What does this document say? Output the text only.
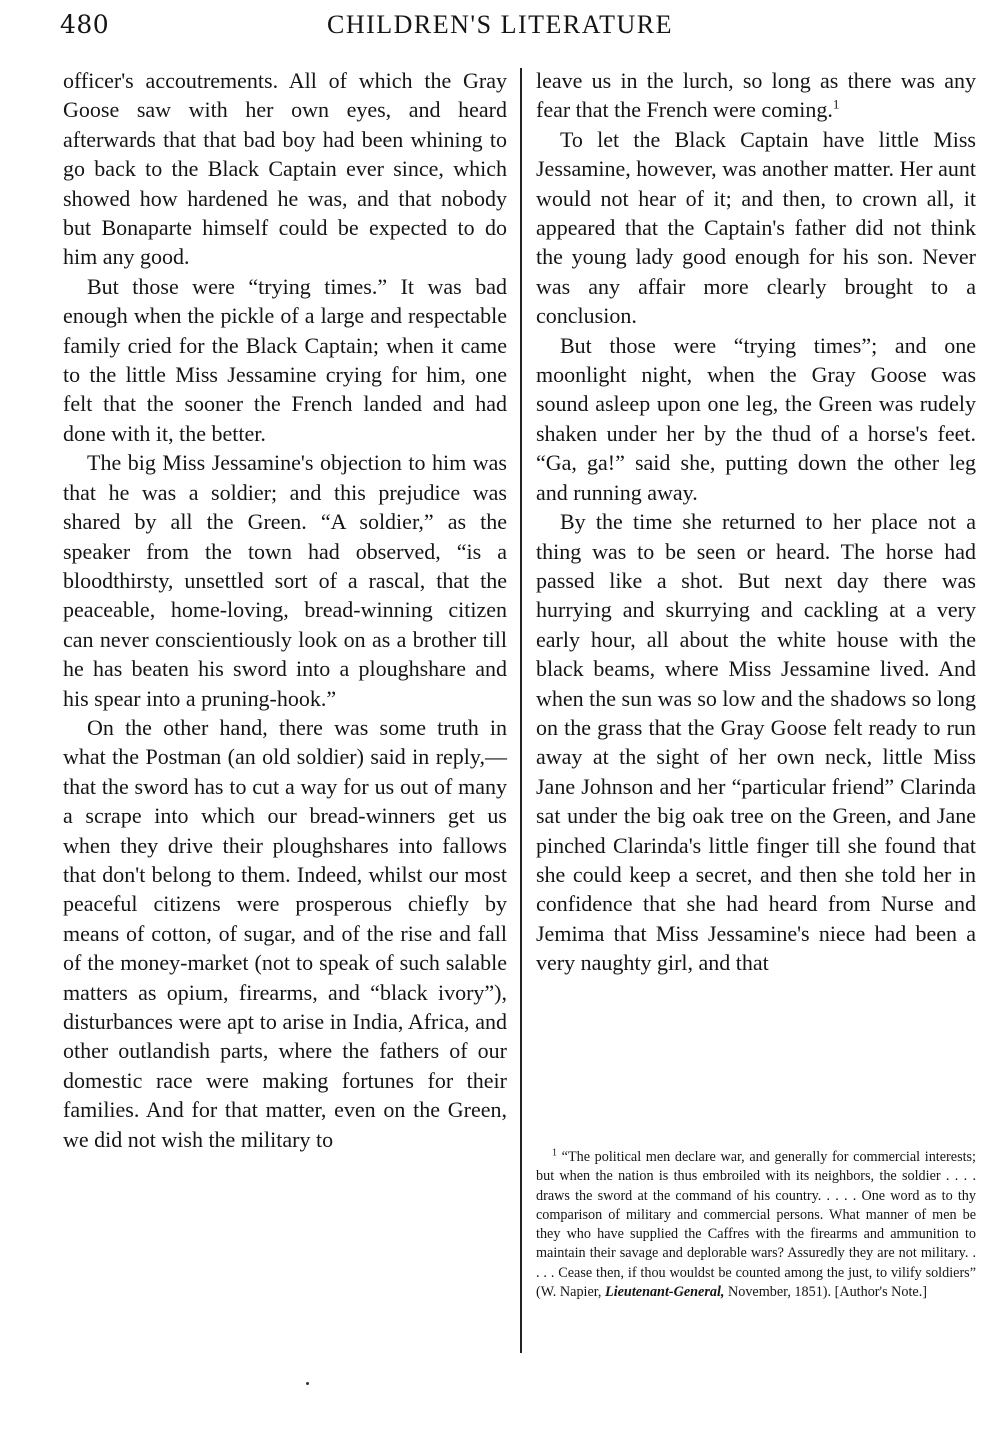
480	CHILDREN'S LITERATURE

officer's accoutrements. All of which the Gray Goose saw with her own eyes, and heard afterwards that that bad boy had been whining to go back to the Black Captain ever since, which showed how hardened he was, and that nobody but Bonaparte himself could be expected to do him any good.

But those were “trying times.” It was bad enough when the pickle of a large and respectable family cried for the Black Captain; when it came to the little Miss Jessamine crying for him, one felt that the sooner the French landed and had done with it, the better.

The big Miss Jessamine's objection to him was that he was a soldier; and this prejudice was shared by all the Green. “A soldier,” as the speaker from the town had observed, “is a bloodthirsty, unsettled sort of a rascal, that the peaceable, home-loving, bread-winning citizen can never conscientiously look on as a brother till he has beaten his sword into a ploughshare and his spear into a pruning-hook.”

On the other hand, there was some truth in what the Postman (an old soldier) said in reply,—that the sword has to cut a way for us out of many a scrape into which our bread-winners get us when they drive their ploughshares into fallows that don't belong to them. Indeed, whilst our most peaceful citizens were prosperous chiefly by means of cotton, of sugar, and of the rise and fall of the money-market (not to speak of such salable matters as opium, firearms, and “black ivory”), disturbances were apt to arise in India, Africa, and other outlandish parts, where the fathers of our domestic race were making fortunes for their families. And for that matter, even on the Green, we did not wish the military to

leave us in the lurch, so long as there was any fear that the French were coming.$^1$

To let the Black Captain have little Miss Jessamine, however, was another matter. Her aunt would not hear of it; and then, to crown all, it appeared that the Captain's father did not think the young lady good enough for his son. Never was any affair more clearly brought to a conclusion.

But those were “trying times”; and one moonlight night, when the Gray Goose was sound asleep upon one leg, the Green was rudely shaken under her by the thud of a horse's feet. “Ga, ga!” said she, putting down the other leg and running away.

By the time she returned to her place not a thing was to be seen or heard. The horse had passed like a shot. But next day there was hurrying and skurrying and cackling at a very early hour, all about the white house with the black beams, where Miss Jessamine lived. And when the sun was so low and the shadows so long on the grass that the Gray Goose felt ready to run away at the sight of her own neck, little Miss Jane Johnson and her “particular friend” Clarinda sat under the big oak tree on the Green, and Jane pinched Clarinda's little finger till she found that she could keep a secret, and then she told her in confidence that she had heard from Nurse and Jemima that Miss Jessamine's niece had been a very naughty girl, and that

$^1$ “The political men declare war, and generally for commercial interests; but when the nation is thus embroiled with its neighbors, the soldier . . . . draws the sword at the command of his country. . . . . One word as to thy comparison of military and commercial persons. What manner of men be they who have supplied the Caffres with the firearms and ammunition to maintain their savage and deplorable wars? Assuredly they are not military. . . . . Cease then, if thou wouldst be counted among the just, to vilify soldiers” (W. Napier, Lieutenant-General, November, 1851). [Author's Note.]
